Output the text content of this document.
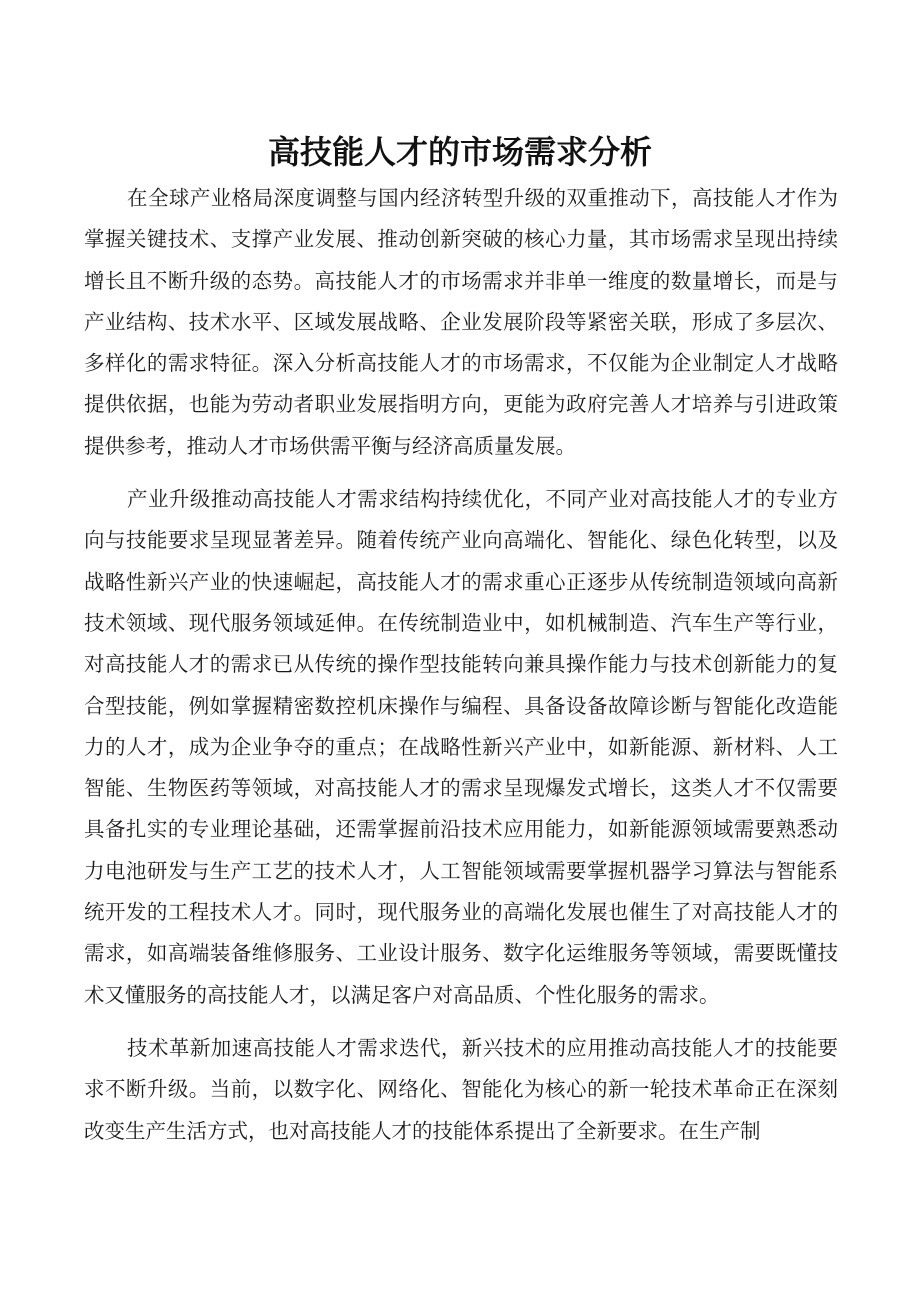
高技能人才的市场需求分析

在全球产业格局深度调整与国内经济转型升级的双重推动下，高技能人才作为掌握关键技术、支撑产业发展、推动创新突破的核心力量，其市场需求呈现出持续增长且不断升级的态势。高技能人才的市场需求并非单一维度的数量增长，而是与产业结构、技术水平、区域发展战略、企业发展阶段等紧密关联，形成了多层次、多样化的需求特征。深入分析高技能人才的市场需求，不仅能为企业制定人才战略提供依据，也能为劳动者职业发展指明方向，更能为政府完善人才培养与引进政策提供参考，推动人才市场供需平衡与经济高质量发展。

产业升级推动高技能人才需求结构持续优化，不同产业对高技能人才的专业方向与技能要求呈现显著差异。随着传统产业向高端化、智能化、绿色化转型，以及战略性新兴产业的快速崛起，高技能人才的需求重心正逐步从传统制造领域向高新技术领域、现代服务领域延伸。在传统制造业中，如机械制造、汽车生产等行业，对高技能人才的需求已从传统的操作型技能转向兼具操作能力与技术创新能力的复合型技能，例如掌握精密数控机床操作与编程、具备设备故障诊断与智能化改造能力的人才，成为企业争夺的重点；在战略性新兴产业中，如新能源、新材料、人工智能、生物医药等领域，对高技能人才的需求呈现爆发式增长，这类人才不仅需要具备扎实的专业理论基础，还需掌握前沿技术应用能力，如新能源领域需要熟悉动力电池研发与生产工艺的技术人才，人工智能领域需要掌握机器学习算法与智能系统开发的工程技术人才。同时，现代服务业的高端化发展也催生了对高技能人才的需求，如高端装备维修服务、工业设计服务、数字化运维服务等领域，需要既懂技术又懂服务的高技能人才，以满足客户对高品质、个性化服务的需求。

技术革新加速高技能人才需求迭代，新兴技术的应用推动高技能人才的技能要求不断升级。当前，以数字化、网络化、智能化为核心的新一轮技术革命正在深刻改变生产生活方式，也对高技能人才的技能体系提出了全新要求。在生产制
